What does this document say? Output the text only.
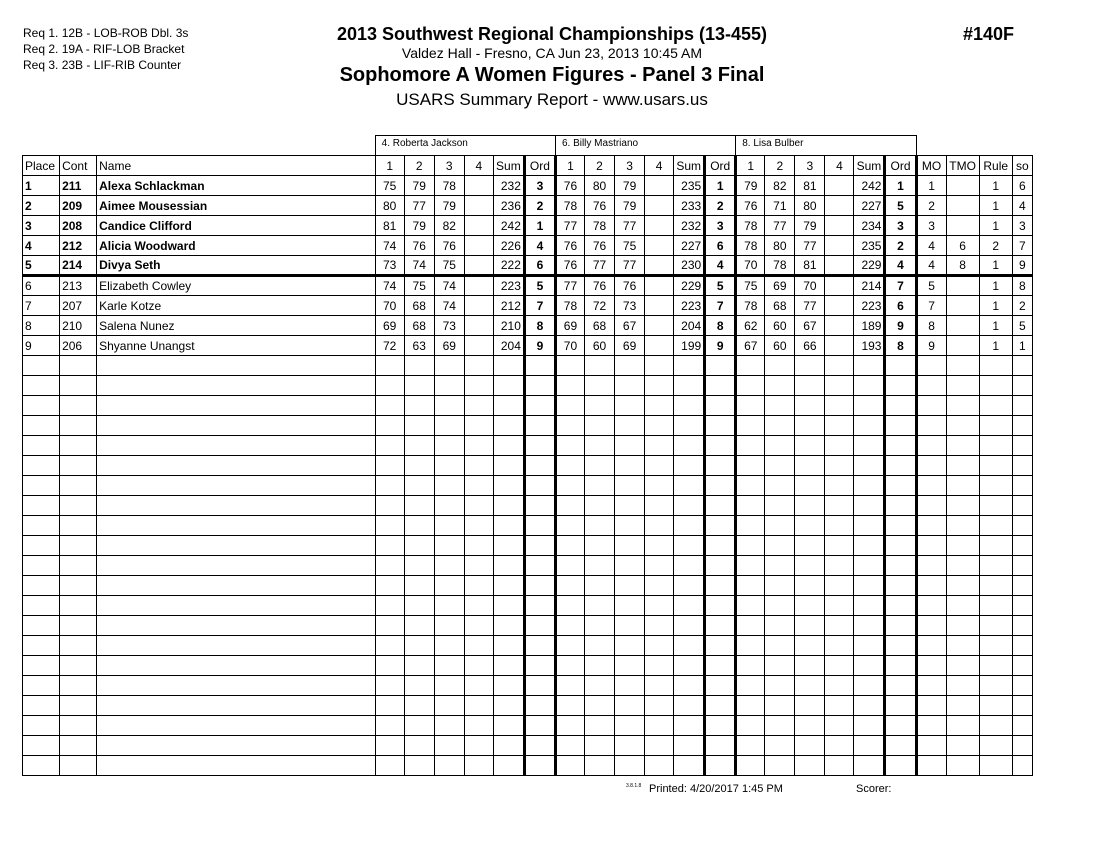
Req 1. 12B - LOB-ROB Dbl. 3s
Req 2. 19A - RIF-LOB Bracket
Req 3. 23B - LIF-RIB Counter
2013 Southwest Regional Championships (13-455)
Valdez Hall - Fresno, CA Jun 23, 2013 10:45 AM
Sophomore A Women Figures - Panel 3 Final
USARS Summary Report - www.usars.us
#140F
			4. Roberta Jackson						6. Billy Mastriano						8. Lisa Bulber									
Place	Cont	Name	1	2	3	4	Sum	Ord	1	2	3	4	Sum	Ord	1	2	3	4	Sum	Ord	MO	TMO	Rule	so
1	211	Alexa Schlackman	75	79	78		232	3	76	80	79		235	1	79	82	81		242	1	1		1	6
2	209	Aimee Mousessian	80	77	79		236	2	78	76	79		233	2	76	71	80		227	5	2		1	4
3	208	Candice Clifford	81	79	82		242	1	77	78	77		232	3	78	77	79		234	3	3		1	3
4	212	Alicia Woodward	74	76	76		226	4	76	76	75		227	6	78	80	77		235	2	4	6	2	7
5	214	Divya Seth	73	74	75		222	6	76	77	77		230	4	70	78	81		229	4	4	8	1	9
6	213	Elizabeth Cowley	74	75	74		223	5	77	76	76		229	5	75	69	70		214	7	5		1	8
7	207	Karle Kotze	70	68	74		212	7	78	72	73		223	7	78	68	77		223	6	7		1	2
8	210	Salena Nunez	69	68	73		210	8	69	68	67		204	8	62	60	67		189	9	8		1	5
9	206	Shyanne Unangst	72	63	69		204	9	70	60	69		199	9	67	60	66		193	8	9		1	1

3.8.1.8 Printed: 4/20/2017 1:45 PM	Scorer:
